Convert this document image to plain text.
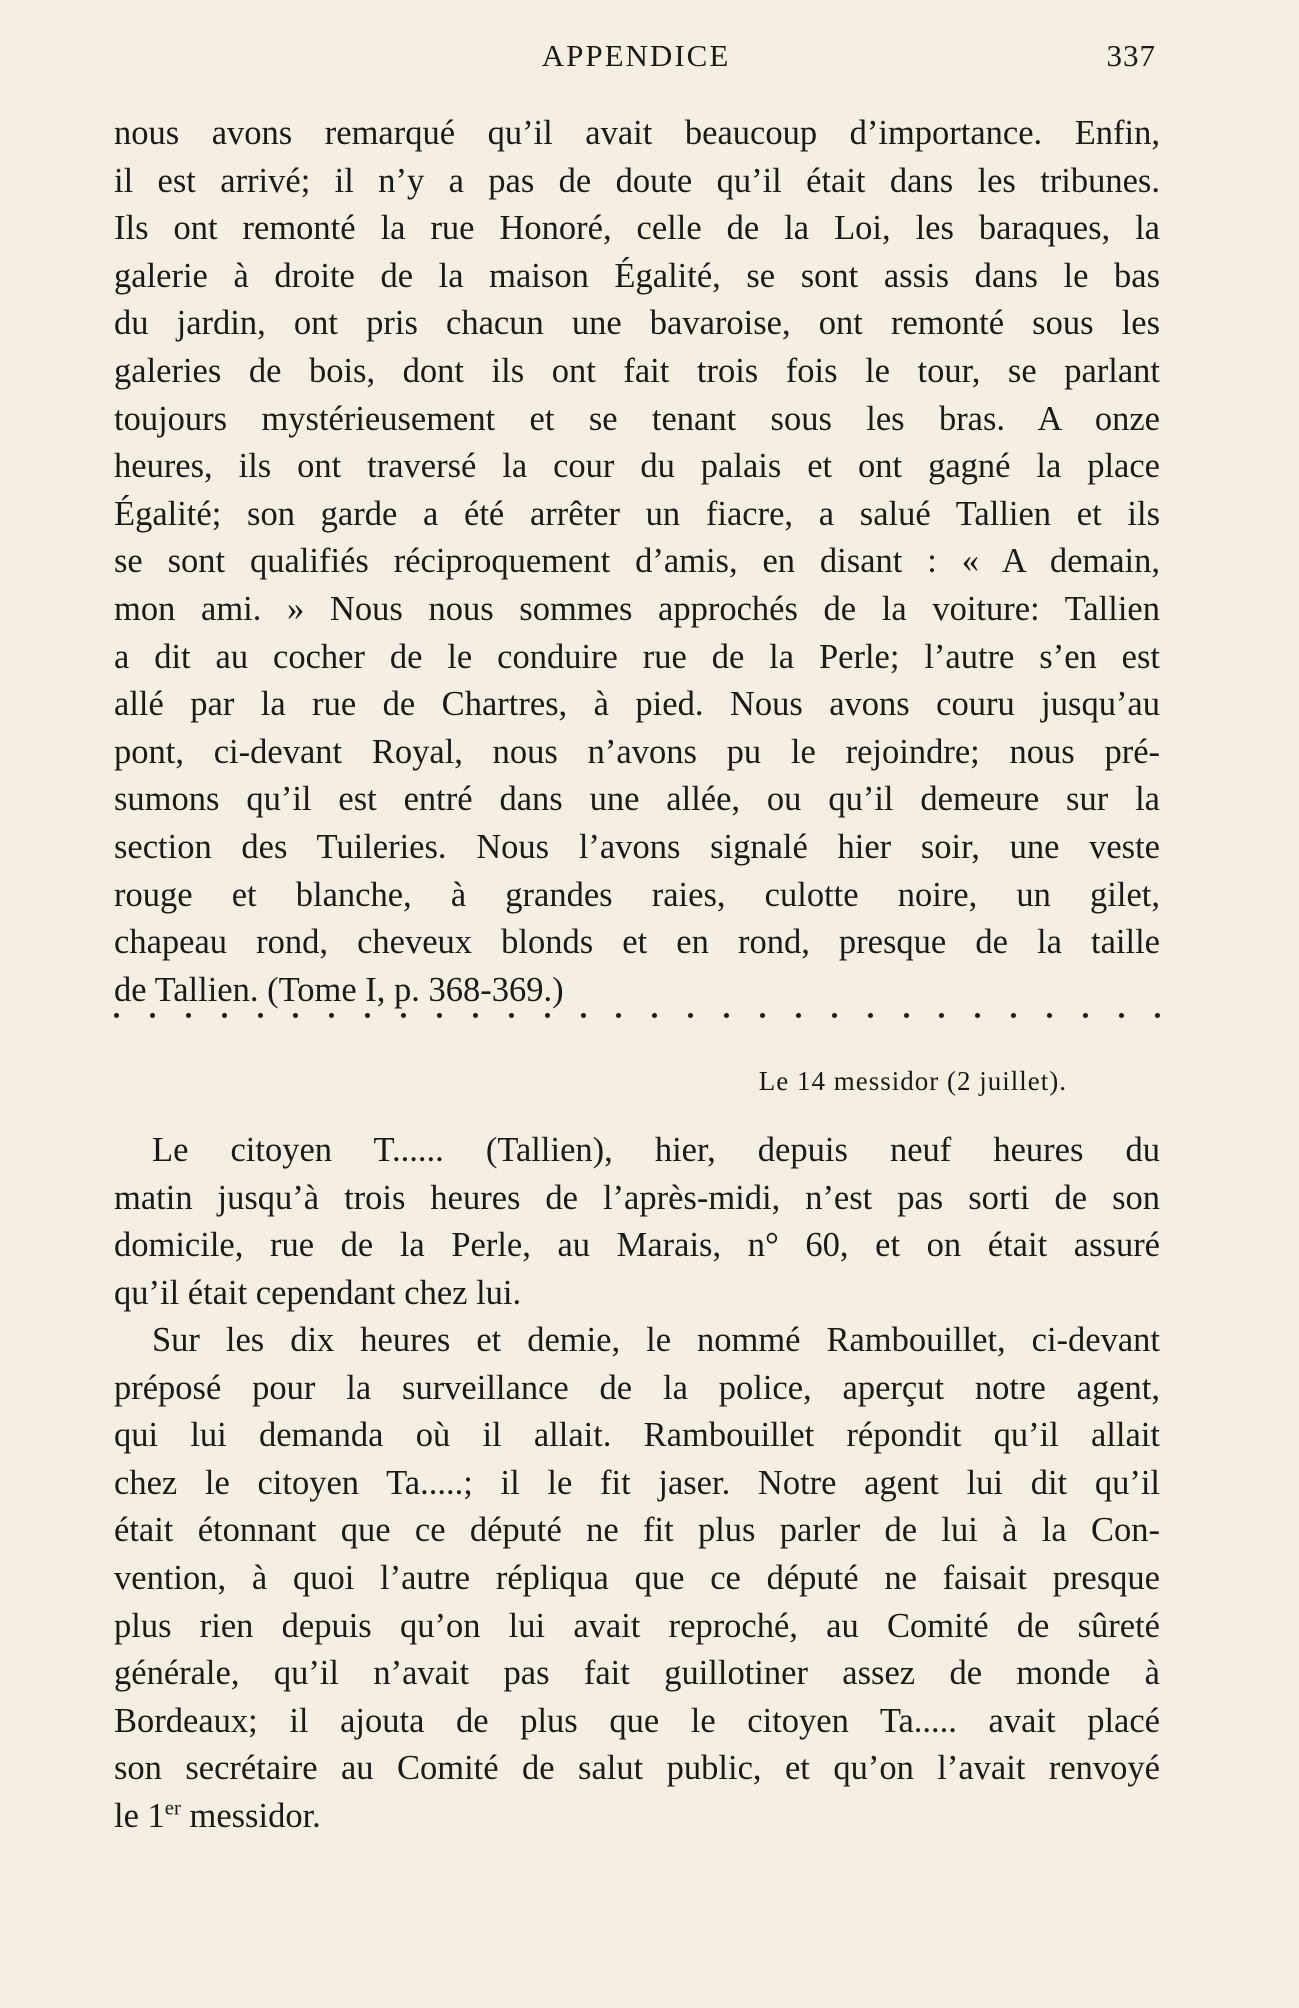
APPENDICE	337
nous avons remarqué qu’il avait beaucoup d’importance. Enfin,
il est arrivé; il n’y a pas de doute qu’il était dans les tribunes.
Ils ont remonté la rue Honoré, celle de la Loi, les baraques, la
galerie à droite de la maison Égalité, se sont assis dans le bas
du jardin, ont pris chacun une bavaroise, ont remonté sous les
galeries de bois, dont ils ont fait trois fois le tour, se parlant
toujours mystérieusement et se tenant sous les bras. A onze
heures, ils ont traversé la cour du palais et ont gagné la place
Égalité; son garde a été arrêter un fiacre, a salué Tallien et ils
se sont qualifiés réciproquement d’amis, en disant : « A demain,
mon ami. » Nous nous sommes approchés de la voiture: Tallien
a dit au cocher de le conduire rue de la Perle; l’autre s’en est
allé par la rue de Chartres, à pied. Nous avons couru jusqu’au
pont, ci-devant Royal, nous n’avons pu le rejoindre; nous pré-
sumons qu’il est entré dans une allée, ou qu’il demeure sur la
section des Tuileries. Nous l’avons signalé hier soir, une veste
rouge et blanche, à grandes raies, culotte noire, un gilet,
chapeau rond, cheveux blonds et en rond, presque de la taille
de Tallien. (Tome I, p. 368-369.)
Le 14 messidor (2 juillet).
Le citoyen T...... (Tallien), hier, depuis neuf heures du
matin jusqu’à trois heures de l’après-midi, n’est pas sorti de son
domicile, rue de la Perle, au Marais, n° 60, et on était assuré
qu’il était cependant chez lui.
Sur les dix heures et demie, le nommé Rambouillet, ci-devant
préposé pour la surveillance de la police, aperçut notre agent,
qui lui demanda où il allait. Rambouillet répondit qu’il allait
chez le citoyen Ta.....; il le fit jaser. Notre agent lui dit qu’il
était étonnant que ce député ne fit plus parler de lui à la Con-
vention, à quoi l’autre répliqua que ce député ne faisait presque
plus rien depuis qu’on lui avait reproché, au Comité de sûreté
générale, qu’il n’avait pas fait guillotiner assez de monde à
Bordeaux; il ajouta de plus que le citoyen Ta..... avait placé
son secrétaire au Comité de salut public, et qu’on l’avait renvoyé
le 1er messidor.
